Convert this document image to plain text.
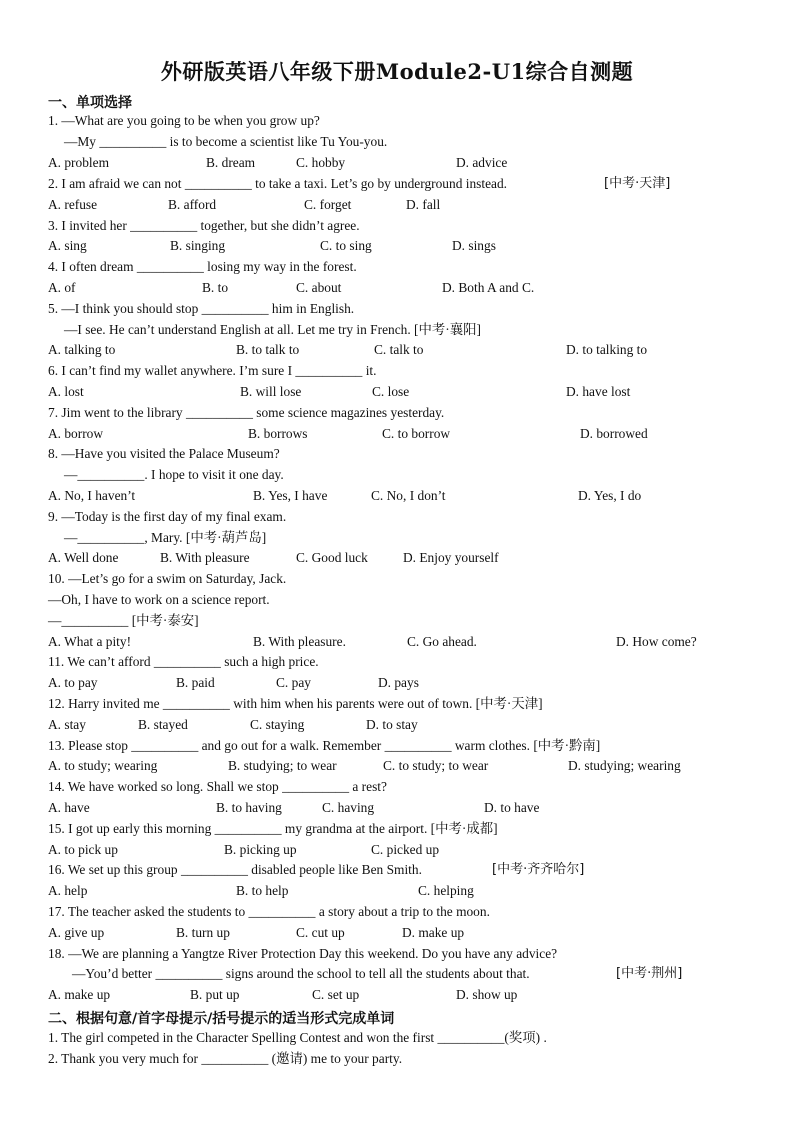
外研版英语八年级下册Module2-U1综合自测题
一、单项选择
1. —What are you going to be when you grow up?
—My __________ is to become a scientist like Tu You-you.
A. problem	B. dream	C. hobby	D. advice
2. I am afraid we can not __________ to take a taxi. Let’s go by underground instead.	[中考·天津]
A. refuse	B. afford	C. forget	D. fall
3. I invited her __________ together, but she didn’t agree.
A. sing	B. singing	C. to sing	D. sings
4. I often dream __________ losing my way in the forest.
A. of	B. to	C. about	D. Both A and C.
5. —I think you should stop __________ him in English.
—I see. He can’t understand English at all. Let me try in French. [中考·襄阳]
A. talking to	B. to talk to	C. talk to	D. to talking to
6. I can’t find my wallet anywhere. I’m sure I __________ it.
A. lost	B. will lose	C. lose	D. have lost
7. Jim went to the library __________ some science magazines yesterday.
A. borrow	B. borrows	C. to borrow	D. borrowed
8. —Have you visited the Palace Museum?
—__________. I hope to visit it one day.
A. No, I haven’t	B. Yes, I have	C. No, I don’t	D. Yes, I do
9. —Today is the first day of my final exam.
—__________, Mary. [中考·葫芦岛]
A. Well done	B. With pleasure	C. Good luck	D. Enjoy yourself
10. —Let’s go for a swim on Saturday, Jack.
—Oh, I have to work on a science report.
—__________ [中考·泰安]
A. What a pity!	B. With pleasure.	C. Go ahead.	D. How come?
11. We can’t afford __________ such a high price.
A. to pay	B. paid	C. pay	D. pays
12. Harry invited me __________ with him when his parents were out of town. [中考·天津]
A. stay	B. stayed	C. staying	D. to stay
13. Please stop __________ and go out for a walk. Remember __________ warm clothes. [中考·黔南]
A. to study; wearing	B. studying; to wear	C. to study; to wear	D. studying; wearing
14. We have worked so long. Shall we stop __________ a rest?
A. have	B. to having	C. having	D. to have
15. I got up early this morning __________ my grandma at the airport. [中考·成都]
A. to pick up	B. picking up	C. picked up
16. We set up this group __________ disabled people like Ben Smith.	[中考·齐齐哈尔]
A. help	B. to help	C. helping
17. The teacher asked the students to __________ a story about a trip to the moon.
A. give up	B. turn up	C. cut up	D. make up
18. —We are planning a Yangtze River Protection Day this weekend. Do you have any advice?
—You’d better __________ signs around the school to tell all the students about that.	[中考·荆州]
A. make up	B. put up	C. set up	D. show up
二、根据句意/首字母提示/括号提示的适当形式完成单词
1. The girl competed in the Character Spelling Contest and won the first __________(奖项) .
2. Thank you very much for __________ (邀请) me to your party.
